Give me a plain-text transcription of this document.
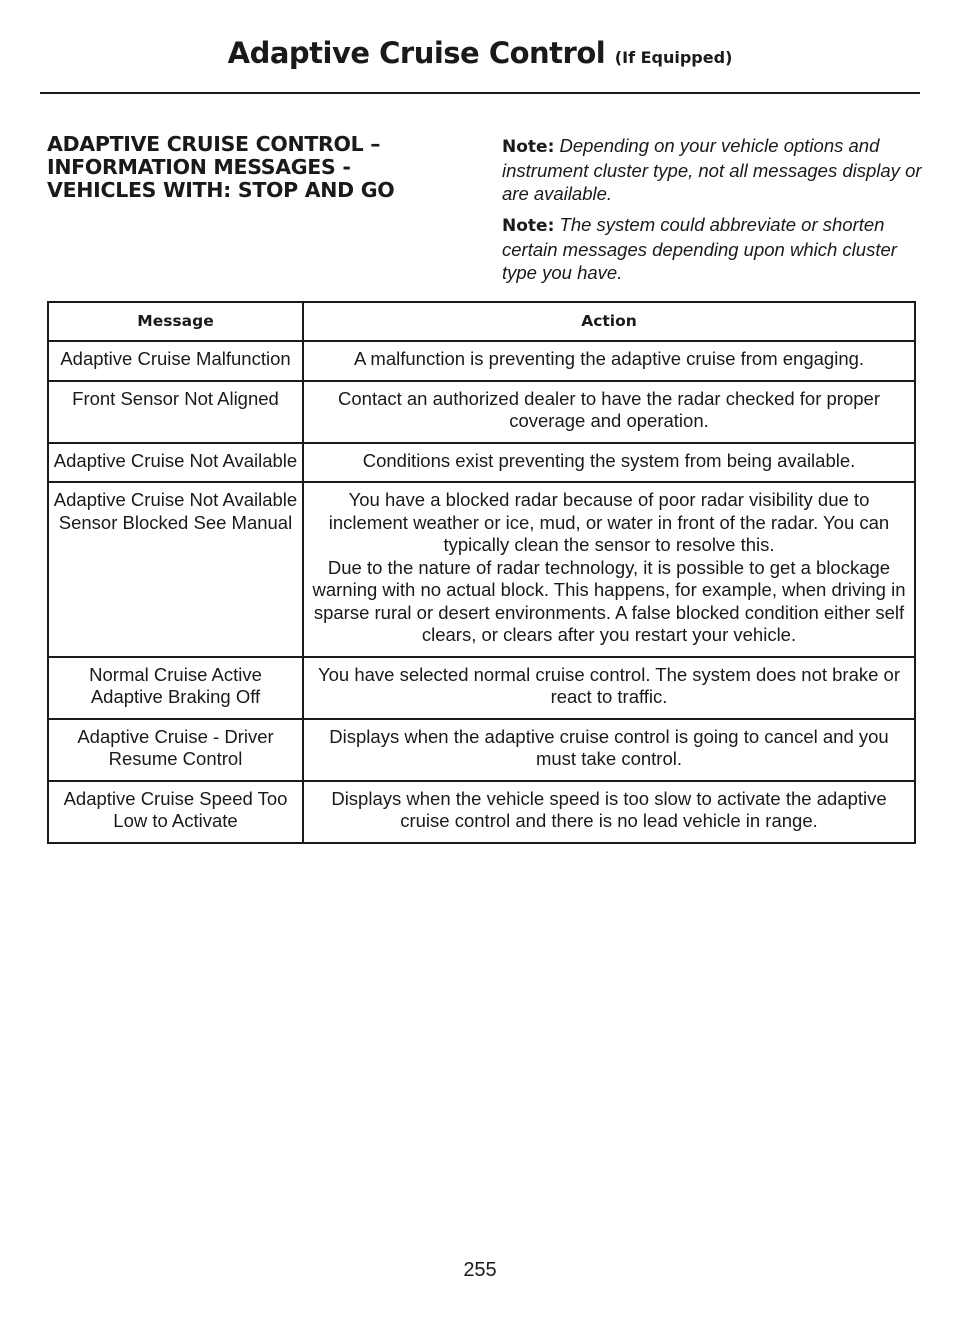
Adaptive Cruise Control (If Equipped)
ADAPTIVE CRUISE CONTROL –
INFORMATION MESSAGES -
VEHICLES WITH: STOP AND GO

Note: Depending on your vehicle options and instrument cluster type, not all messages display or are available.

Note: The system could abbreviate or shorten certain messages depending upon which cluster type you have.

Message	Action
Adaptive Cruise Malfunction	A malfunction is preventing the adaptive cruise from engaging.

Front Sensor Not Aligned	Contact an authorized dealer to have the radar checked for proper coverage and operation.

Adaptive Cruise Not Available	Conditions exist preventing the system from being available.

Adaptive Cruise Not Available Sensor Blocked See Manual	You have a blocked radar because of poor radar visibility due to inclement weather or ice, mud, or water in front of the radar. You can typically clean the sensor to resolve this.
Due to the nature of radar technology, it is possible to get a blockage warning with no actual block. This happens, for example, when driving in sparse rural or desert environments. A false blocked condition either self clears, or clears after you restart your vehicle.

Normal Cruise Active Adaptive Braking Off	You have selected normal cruise control. The system does not brake or react to traffic.

Adaptive Cruise - Driver Resume Control	Displays when the adaptive cruise control is going to cancel and you must take control.

Adaptive Cruise Speed Too Low to Activate	Displays when the vehicle speed is too slow to activate the adaptive cruise control and there is no lead vehicle in range.
255
